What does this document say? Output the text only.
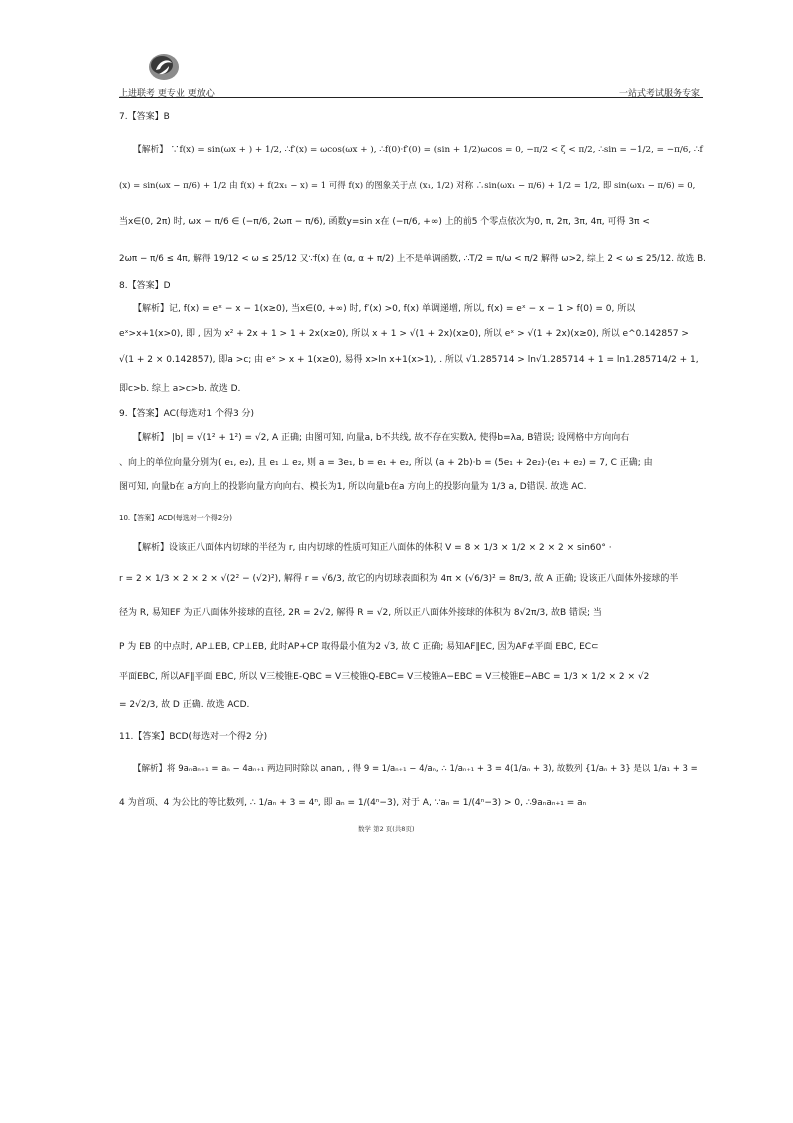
上进联考 更专业 更放心	一站式考试服务专家
7.【答案】B
【解析】 ∵f(x) = sin(ωx + ) + 1/2, ∴f′(x) = ωcos(ωx + ), ∴f(0)·f′(0) = (sin + 1/2)ωcos = 0, −π/2 < ζ < π/2, ∴sin = −1/2, = −π/6, ∴f
(x) = sin(ωx − π/6) + 1/2 由 f(x) + f(2x₁ − x) = 1 可得 f(x) 的图象关于点 (x₁, 1/2) 对称 ∴sin(ωx₁ − π/6) + 1/2 = 1/2, 即 sin(ωx₁ − π/6) = 0,
当x∈(0, 2π) 时, ωx − π/6 ∈ (−π/6, 2ωπ − π/6), 函数y=sin x在 (−π/6, +∞) 上的前5 个零点依次为0, π, 2π, 3π, 4π, 可得 3π <
2ωπ − π/6 ≤ 4π, 解得 19/12 < ω ≤ 25/12 又∵f(x) 在 (α, α + π/2) 上不是单调函数, ∴T/2 = π/ω < π/2 解得 ω>2, 综上 2 < ω ≤ 25/12. 故选 B.
8.【答案】D
【解析】记, f(x) = eˣ − x − 1(x≥0), 当x∈(0, +∞) 时, f′(x) >0, f(x) 单调递增, 所以, f(x) = eˣ − x − 1 > f(0) = 0, 所以
eˣ>x+1(x>0), 即 , 因为 x² + 2x + 1 > 1 + 2x(x≥0), 所以 x + 1 > √(1 + 2x)(x≥0), 所以 eˣ > √(1 + 2x)(x≥0), 所以 e^0.142857 >
√(1 + 2 × 0.142857), 即a >c; 由 eˣ > x + 1(x≥0), 易得 x>ln x+1(x>1), . 所以 √1.285714 > ln√1.285714 + 1 = ln1.285714/2 + 1,
即c>b. 综上 a>c>b. 故选 D.
9.【答案】AC(每选对1 个得3 分)
【解析】 |b| = √(1² + 1²) = √2, A 正确; 由图可知, 向量a, b不共线, 故不存在实数λ, 使得b=λa, B错误; 设网格中方向向右
、向上的单位向量分别为( e₁, e₂), 且 e₁ ⊥ e₂, 则 a = 3e₁, b = e₁ + e₂, 所以 (a + 2b)·b = (5e₁ + 2e₂)·(e₁ + e₂) = 7, C 正确; 由
图可知, 向量b在 a方向上的投影向量方向向右、模长为1, 所以向量b在a 方向上的投影向量为 1/3 a, D错误. 故选 AC.
10.【答案】ACD(每选对一个得2分)
【解析】设该正八面体内切球的半径为 r, 由内切球的性质可知正八面体的体积 V = 8 × 1/3 × 1/2 × 2 × 2 × sin60° ·
r = 2 × 1/3 × 2 × 2 × √(2² − (√2)²), 解得 r = √6/3, 故它的内切球表面积为 4π × (√6/3)² = 8π/3, 故 A 正确; 设该正八面体外接球的半
径为 R, 易知EF 为正八面体外接球的直径, 2R = 2√2, 解得 R = √2, 所以正八面体外接球的体积为 8√2π/3, 故B 错误; 当
P 为 EB 的中点时, AP⊥EB, CP⊥EB, 此时AP+CP 取得最小值为2 √3, 故 C 正确; 易知AF∥EC, 因为AF⊄平面 EBC, EC⊂
平面EBC, 所以AF∥平面 EBC, 所以 V三棱锥E-QBC = V三棱锥Q-EBC= V三棱锥A−EBC = V三棱锥E−ABC = 1/3 × 1/2 × 2 × √2
= 2√2/3, 故 D 正确. 故选 ACD.
11.【答案】BCD(每选对一个得2 分)
【解析】将 9aₙaₙ₊₁ = aₙ − 4aₙ₊₁ 两边同时除以 anan, , 得 9 = 1/aₙ₊₁ − 4/aₙ, ∴ 1/aₙ₊₁ + 3 = 4(1/aₙ + 3), 故数列 {1/aₙ + 3} 是以 1/a₁ + 3 =
4 为首项、4 为公比的等比数列, ∴ 1/aₙ + 3 = 4ⁿ, 即 aₙ = 1/(4ⁿ−3), 对于 A, ∵aₙ = 1/(4ⁿ−3) > 0, ∴9aₙaₙ₊₁ = aₙ
数学 第2 页(共8页)
